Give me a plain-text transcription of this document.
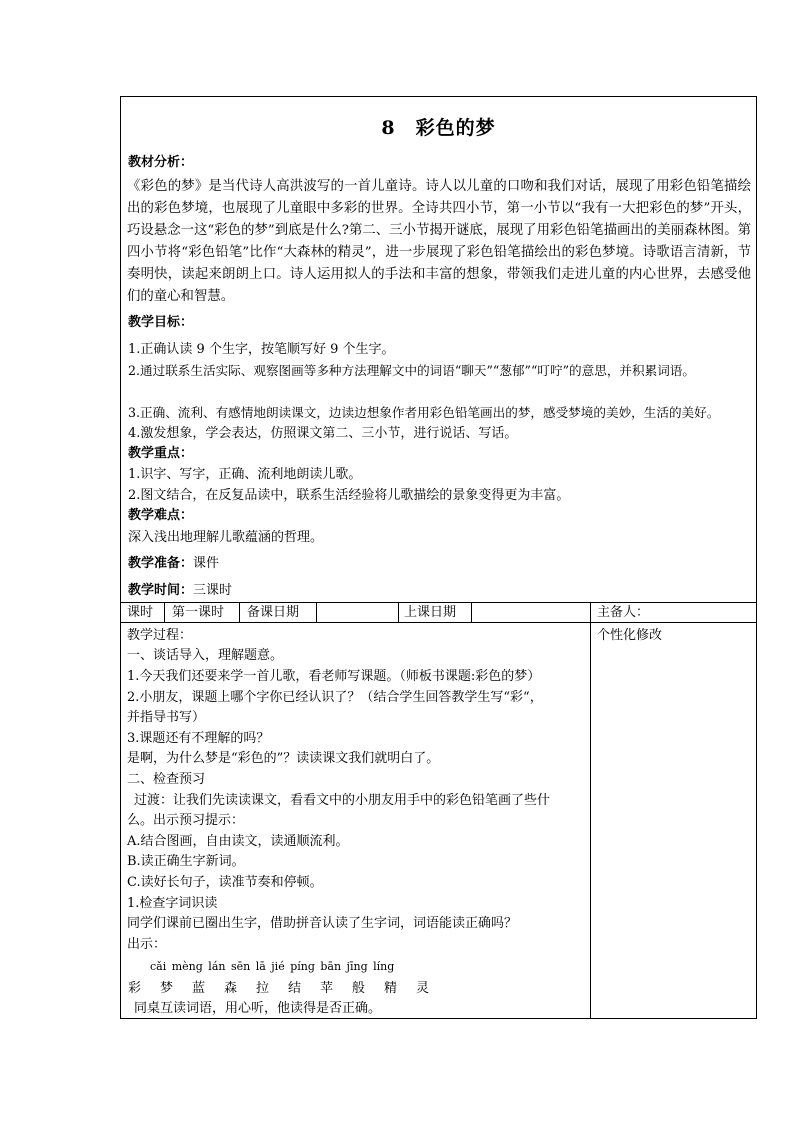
8　彩色的梦
教材分析：
《彩色的梦》是当代诗人高洪波写的一首儿童诗。诗人以儿童的口吻和我们对话，展现了用彩色铅笔描绘出的彩色梦境，也展现了儿童眼中多彩的世界。全诗共四小节，第一小节以“我有一大把彩色的梦”开头，巧设悬念一这“彩色的梦”到底是什么?第二、三小节揭开谜底，展现了用彩色铅笔描画出的美丽森林图。第四小节将“彩色铅笔”比作“大森林的精灵”，进一步展现了彩色铅笔描绘出的彩色梦境。诗歌语言清新，节奏明快，读起来朗朗上口。诗人运用拟人的手法和丰富的想象，带领我们走进儿童的内心世界，去感受他们的童心和智慧。
教学目标：
1.正确认读 9 个生字，按笔顺写好 9 个生字。
2.通过联系生活实际、观察图画等多种方法理解文中的词语“聊天”“葱郁”“叮咛”的意思，并积累词语。
3.正确、流利、有感情地朗读课文，边读边想象作者用彩色铅笔画出的梦，感受梦境的美妙，生活的美好。
4.激发想象，学会表达，仿照课文第二、三小节，进行说话、写话。
教学重点：
1.识字、写字，正确、流利地朗读儿歌。
2.图文结合，在反复品读中，联系生活经验将儿歌描绘的景象变得更为丰富。
教学难点：
深入浅出地理解儿歌蕴涵的哲理。
教学准备：课件
教学时间：三课时
课时 第一课时 备课日期	上课日期	主备人：
个性化修改
教学过程：
一、谈话导入，理解题意。
1.今天我们还要来学一首儿歌，看老师写课题。（师板书课题:彩色的梦）
2.小朋友，课题上哪个字你已经认识了？（结合学生回答教学生写“彩“，
并指导书写）
3.课题还有不理解的吗？
是啊，为什么梦是“彩色的”？读读课文我们就明白了。
二、检查预习
过渡：让我们先读读课文，看看文中的小朋友用手中的彩色铅笔画了些什
么。出示预习提示：
A.结合图画，自由读文，读通顺流利。
B.读正确生字新词。
C.读好长句子，读准节奏和停顿。
1.检查字词识读
同学们课前已圈出生字，借助拼音认读了生字词，词语能读正确吗？
出示：
cǎi mèng lán sēn lā jié píng bān jīng líng
彩 梦 蓝 森 拉 结 苹 般 精 灵
同桌互读词语，用心听，他读得是否正确。
